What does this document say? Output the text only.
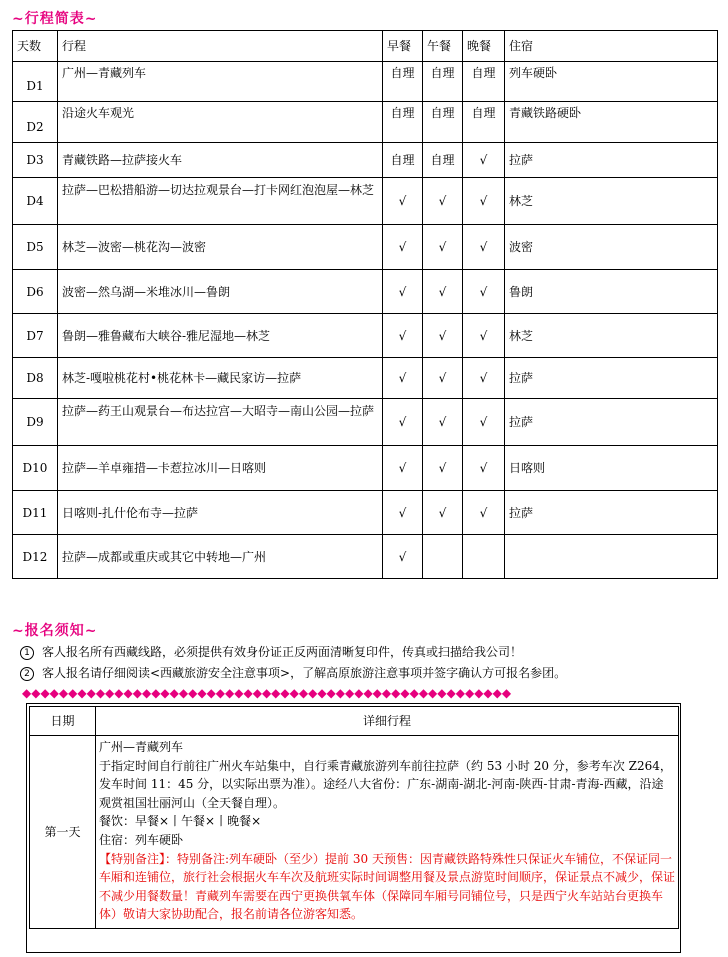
~行程简表~
天数	行程	早餐	午餐	晚餐	住宿
D1	广州—青藏列车	自理	自理	自理	列车硬卧
D2	沿途火车观光	自理	自理	自理	青藏铁路硬卧
D3	青藏铁路—拉萨接火车	自理	自理	√	拉萨
D4	拉萨—巴松措船游—切达拉观景台—打卡网红泡泡屋—林芝	√	√	√	林芝
D5	林芝—波密—桃花沟—波密	√	√	√	波密
D6	波密—然乌湖—米堆冰川—鲁朗	√	√	√	鲁朗
D7	鲁朗—雅鲁藏布大峡谷-雅尼湿地—林芝	√	√	√	林芝
D8	林芝-嘎啦桃花村•桃花林卡—藏民家访—拉萨	√	√	√	拉萨
D9	拉萨—药王山观景台—布达拉宫—大昭寺—南山公园—拉萨	√	√	√	拉萨
D10	拉萨—羊卓雍措—卡惹拉冰川—日喀则	√	√	√	日喀则
D11	日喀则-扎什伦布寺—拉萨	√	√	√	拉萨
D12	拉萨—成都或重庆或其它中转地—广州	√			
~报名须知~
1	客人报名所有西藏线路，必须提供有效身份证正反两面清晰复印件，传真或扫描给我公司！
2	客人报名请仔细阅读<西藏旅游安全注意事项>，了解高原旅游注意事项并签字确认方可报名参团。
◆◆◆◆◆◆◆◆◆◆◆◆◆◆◆◆◆◆◆◆◆◆◆◆◆◆◆◆◆◆◆◆◆◆◆◆◆◆◆◆◆◆◆◆◆◆◆◆◆◆◆◆◆
日期	详细行程
第一天	广州—青藏列车
于指定时间自行前往广州火车站集中，自行乘青藏旅游列车前往拉萨（约 53 小时 20 分，参考车次 Z264，发车时间 11：45 分，以实际出票为准）。途经八大省份：广东-湖南-湖北-河南-陕西-甘肃-青海-西藏，沿途观赏祖国壮丽河山（全天餐自理）。
餐饮：早餐×丨午餐×丨晚餐×
住宿：列车硬卧
【特别备注】：特别备注:列车硬卧（至少）提前 30 天预售：因青藏铁路特殊性只保证火车铺位，不保证同一车厢和连铺位，旅行社会根据火车车次及航班实际时间调整用餐及景点游览时间顺序，保证景点不减少，保证不减少用餐数量！青藏列车需要在西宁更换供氧车体（保障同车厢号同铺位号，只是西宁火车站站台更换车体）敬请大家协助配合，报名前请各位游客知悉。
